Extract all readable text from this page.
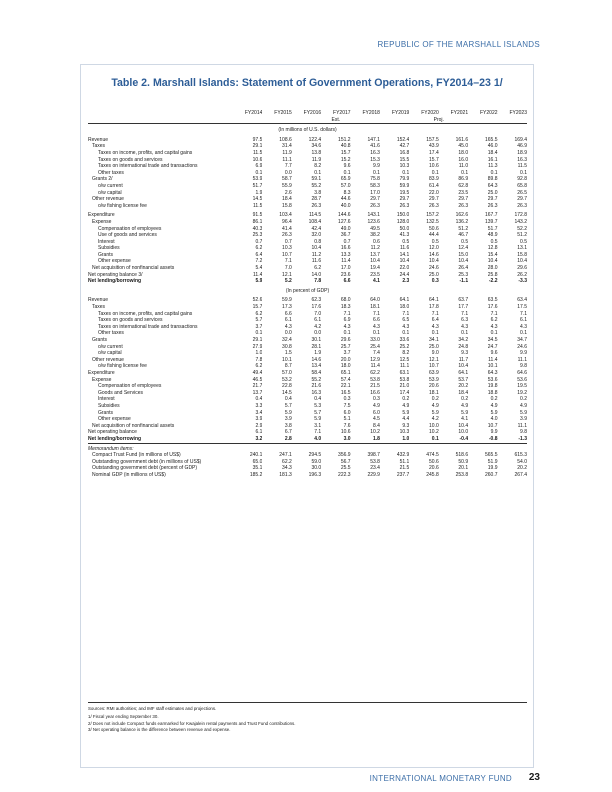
REPUBLIC OF THE MARSHALL ISLANDS
Table 2. Marshall Islands: Statement of Government Operations, FY2014–23 1/
	FY2014	FY2015	FY2016	FY2017	FY2018	FY2019	FY2020	FY2021	FY2022	FY2023
				Est.	Proj.					
(In millions of U.S. dollars)										
Revenue	97.5	108.6	122.4	151.2	147.1	152.4	157.5	161.6	165.5	169.4
Taxes	29.1	31.4	34.6	40.8	41.6	42.7	43.9	45.0	46.0	46.9
Taxes on income, profits, and capital gains	11.5	11.9	13.8	15.7	16.3	16.8	17.4	18.0	18.4	18.9
Taxes on goods and services	10.6	11.1	11.9	15.2	15.3	15.5	15.7	16.0	16.1	16.3
Taxes on international trade and transactions	6.9	7.7	8.2	9.6	9.9	10.3	10.6	11.0	11.3	11.5
Other taxes	0.1	0.0	0.1	0.1	0.1	0.1	0.1	0.1	0.1	0.1
Grants 2/	53.9	58.7	59.1	65.9	75.8	79.9	83.9	86.9	89.8	92.8
o/w current	51.7	55.9	55.2	57.0	58.3	59.9	61.4	62.8	64.3	65.8
o/w capital	1.9	2.6	3.8	8.3	17.0	19.5	22.0	23.5	25.0	26.5
Other revenue	14.5	18.4	28.7	44.6	29.7	29.7	29.7	29.7	29.7	29.7
o/w fishing license fee	11.5	15.8	26.3	40.0	26.3	26.3	26.3	26.3	26.3	26.3

Expenditure	91.5	103.4	114.5	144.6	143.1	150.0	157.2	162.6	167.7	172.8
Expense	86.1	96.4	108.4	127.6	123.6	128.0	132.5	136.2	139.7	143.2
Compensation of employees	40.3	41.4	42.4	49.0	49.5	50.0	50.6	51.2	51.7	52.2
Use of goods and services	25.3	26.3	32.0	36.7	38.2	41.3	44.4	46.7	48.9	51.2
Interest	0.7	0.7	0.8	0.7	0.6	0.5	0.5	0.5	0.5	0.5
Subsidies	6.2	10.3	10.4	16.6	11.2	11.6	12.0	12.4	12.8	13.1
Grants	6.4	10.7	11.2	13.3	13.7	14.1	14.6	15.0	15.4	15.8
Other expense	7.2	7.1	11.6	11.4	10.4	10.4	10.4	10.4	10.4	10.4
Net acquisition of nonfinancial assets	5.4	7.0	6.2	17.0	19.4	22.0	24.6	26.4	28.0	29.6
Net operating balance 3/	11.4	12.1	14.0	23.6	23.5	24.4	25.0	25.3	25.8	26.2
Net lending/borrowing	5.9	5.2	7.8	6.6	4.1	2.3	0.3	-1.1	-2.2	-3.3
(In percent of GDP)										
Revenue	52.6	59.9	62.3	68.0	64.0	64.1	64.1	63.7	63.5	63.4
Taxes	15.7	17.3	17.6	18.3	18.1	18.0	17.8	17.7	17.6	17.5
Taxes on income, profits, and capital gains	6.2	6.6	7.0	7.1	7.1	7.1	7.1	7.1	7.1	7.1
Taxes on goods and services	5.7	6.1	6.1	6.9	6.6	6.5	6.4	6.3	6.2	6.1
Taxes on international trade and transactions	3.7	4.3	4.2	4.3	4.3	4.3	4.3	4.3	4.3	4.3
Other taxes	0.1	0.0	0.0	0.1	0.1	0.1	0.1	0.1	0.1	0.1
Grants	29.1	32.4	30.1	29.6	33.0	33.6	34.1	34.2	34.5	34.7
o/w current	27.9	30.8	28.1	25.7	25.4	25.2	25.0	24.8	24.7	24.6
o/w capital	1.0	1.5	1.9	3.7	7.4	8.2	9.0	9.3	9.6	9.9
Other revenue	7.8	10.1	14.6	20.0	12.9	12.5	12.1	11.7	11.4	11.1
o/w fishing license fee	6.2	8.7	13.4	18.0	11.4	11.1	10.7	10.4	10.1	9.8
Expenditure	49.4	57.0	58.4	65.1	62.2	63.1	63.9	64.1	64.3	64.6
Expense	46.5	53.2	55.2	57.4	53.8	53.8	53.9	53.7	53.6	53.6
Compensation of employees	21.7	22.8	21.6	22.1	21.5	21.0	20.6	20.2	19.8	19.5
Goods and Services	13.7	14.5	16.3	16.5	16.6	17.4	18.1	18.4	18.8	19.2
Interest	0.4	0.4	0.4	0.3	0.3	0.2	0.2	0.2	0.2	0.2
Subsidies	3.3	5.7	5.3	7.5	4.9	4.9	4.9	4.9	4.9	4.9
Grants	3.4	5.9	5.7	6.0	6.0	5.9	5.9	5.9	5.9	5.9
Other expense	3.9	3.9	5.9	5.1	4.5	4.4	4.2	4.1	4.0	3.9
Net acquisition of nonfinancial assets	2.9	3.8	3.1	7.6	8.4	9.3	10.0	10.4	10.7	11.1
Net operating balance	6.1	6.7	7.1	10.6	10.2	10.3	10.2	10.0	9.9	9.8
Net lending/borrowing	3.2	2.8	4.0	3.0	1.8	1.0	0.1	-0.4	-0.8	-1.3
Memorandum items:										
Compact Trust Fund (in millions of US$)	240.1	247.1	294.5	356.9	398.7	432.9	474.5	518.6	565.5	615.3
Outstanding government debt (in millions of US$)	65.0	62.2	59.0	56.7	53.8	51.1	50.6	50.9	51.9	54.0
Outstanding government debt (percent of GDP)	35.1	34.3	30.0	25.5	23.4	21.5	20.6	20.1	19.9	20.2
Nominal GDP (in millions of US$)	185.2	181.3	196.3	222.3	229.9	237.7	245.8	253.8	260.7	267.4
Sources: RMI authorities; and IMF staff estimates and projections.
1/ Fiscal year ending September 30.
2/ Does not include Compact funds earmarked for Kwajalein rental payments and Trust Fund contributions.
3/ Net operating balance is the difference between revenue and expense.
INTERNATIONAL MONETARY FUND 23
